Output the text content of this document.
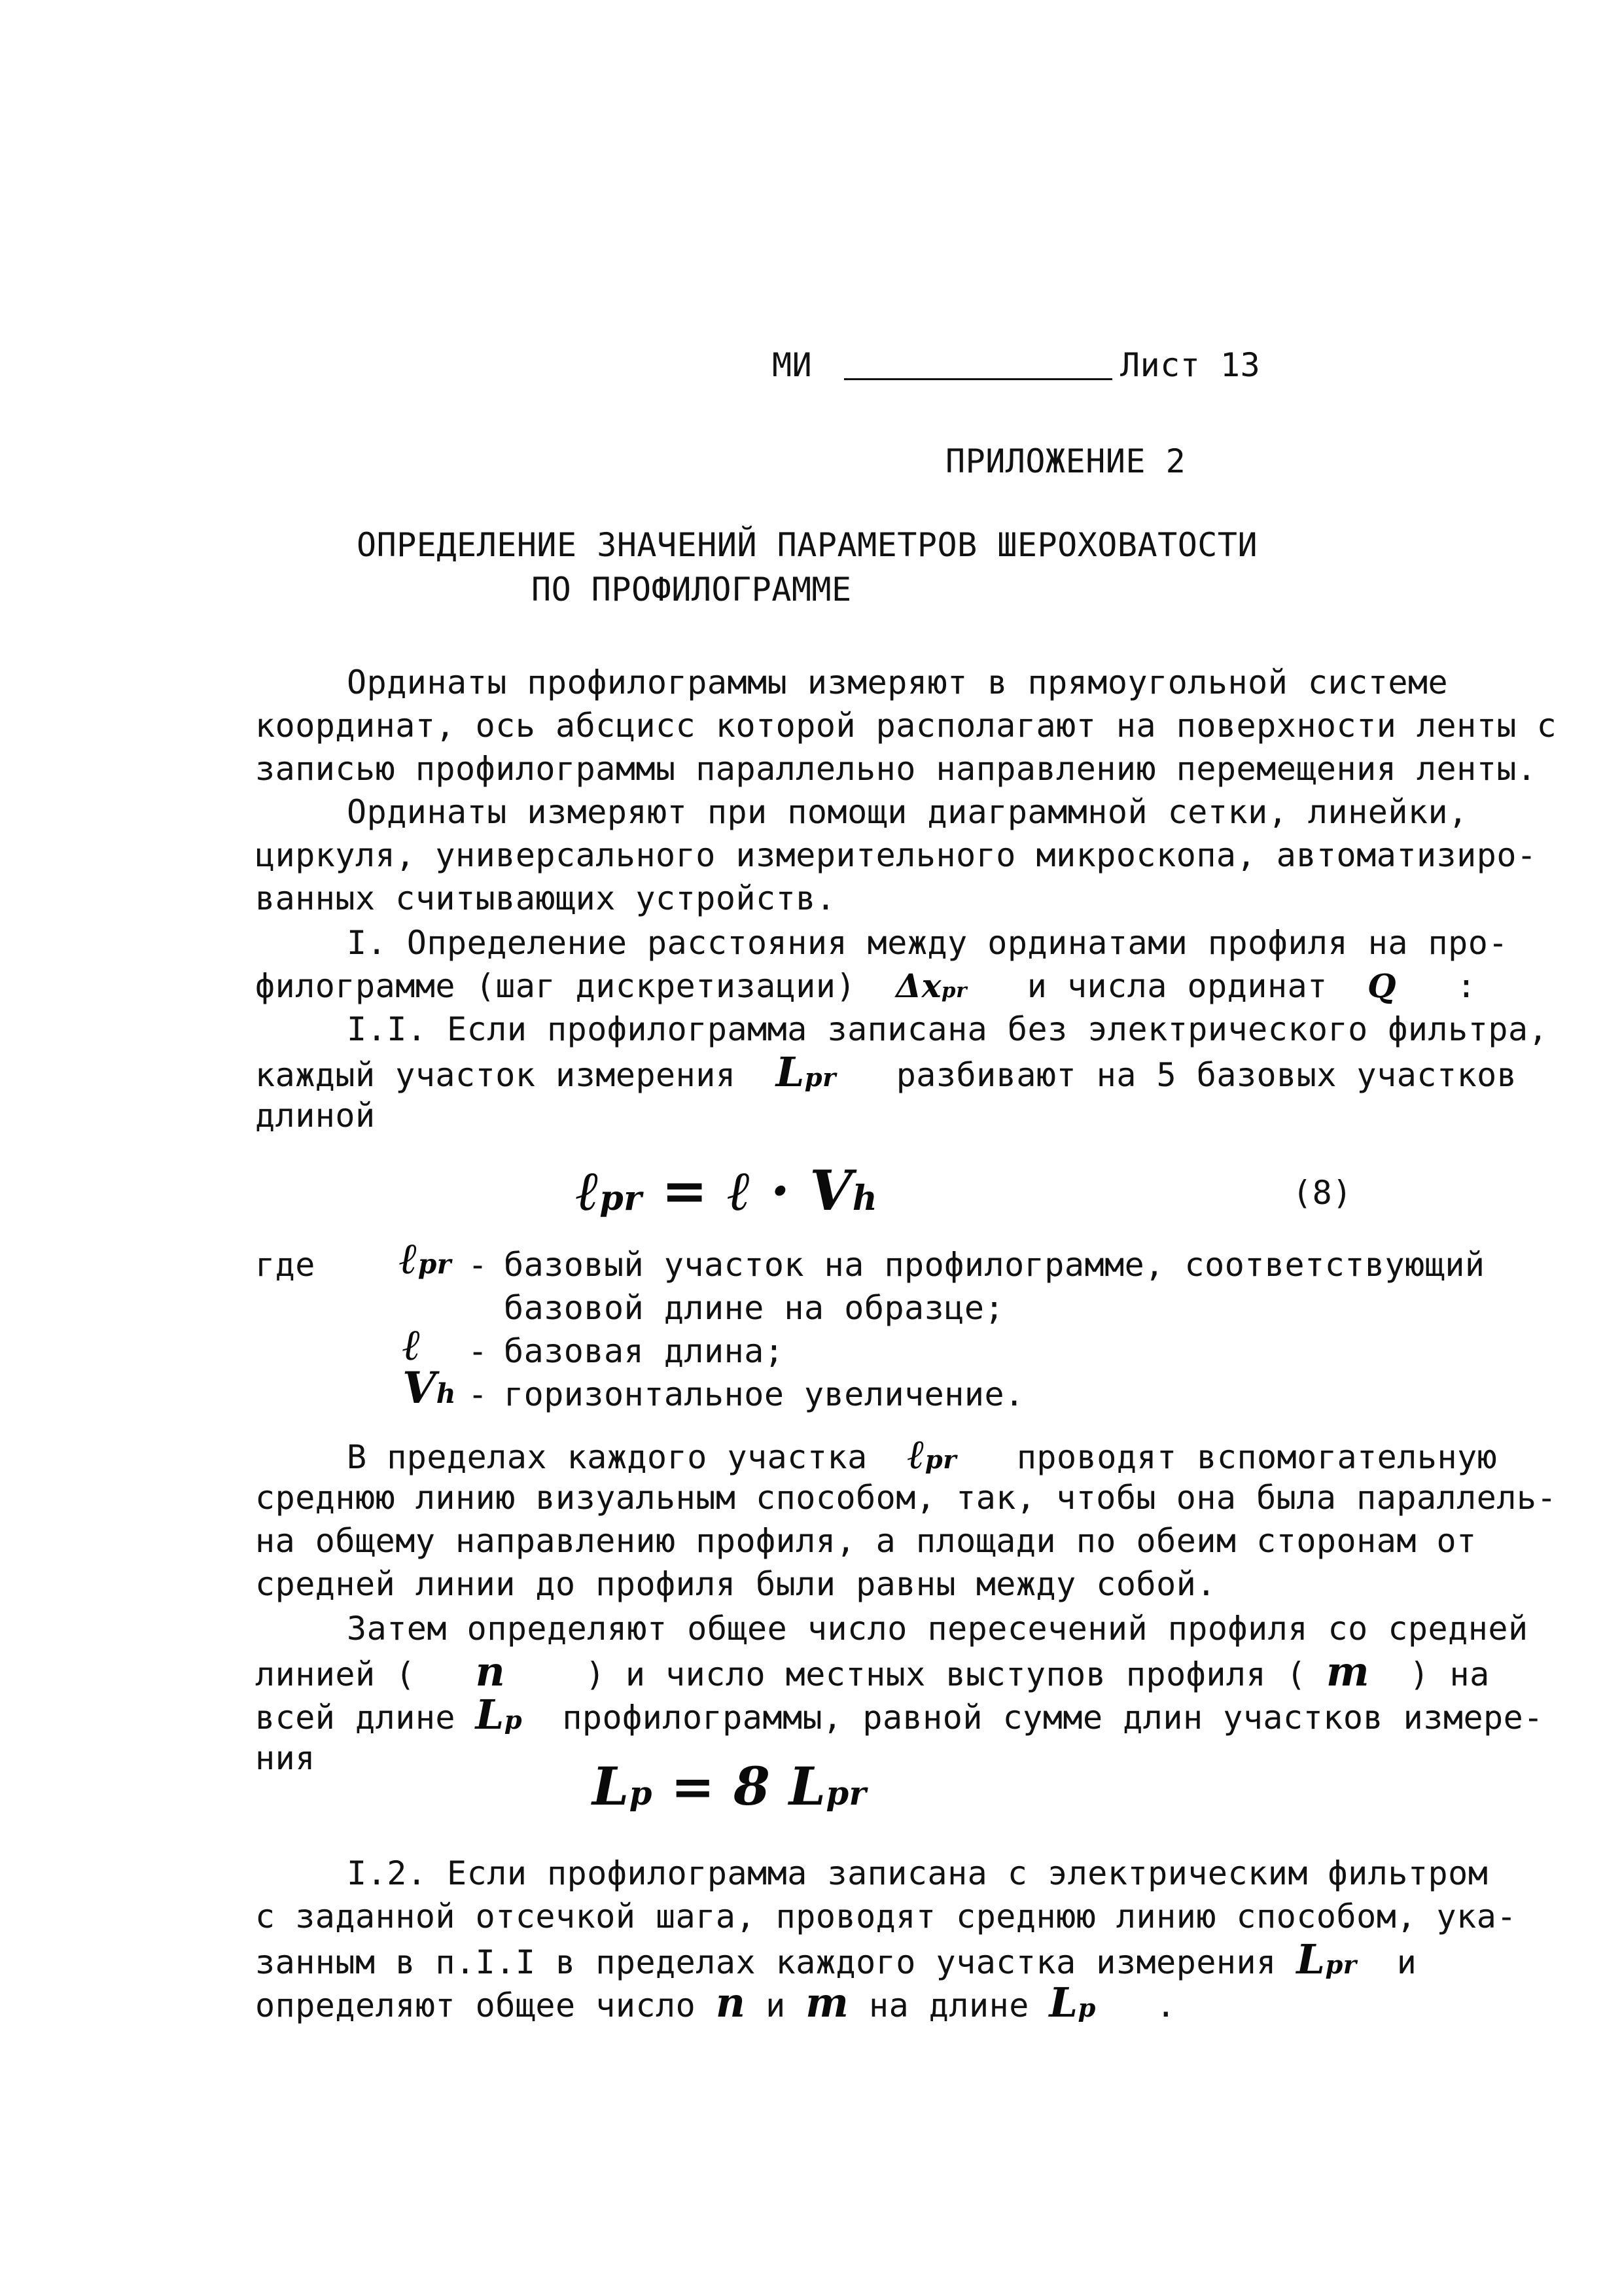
МИ	Лист 13
ПРИЛОЖЕНИЕ 2
ОПРЕДЕЛЕНИЕ ЗНАЧЕНИЙ ПАРАМЕТРОВ ШЕРОХОВАТОСТИ
ПО ПРОФИЛОГРАММЕ
Ординаты профилограммы измеряют в прямоугольной системе
координат, ось абсцисс которой располагают на поверхности ленты с
записью профилограммы параллельно направлению перемещения ленты.
Ординаты измеряют при помощи диаграммной сетки, линейки,
циркуля, универсального измерительного микроскопа, автоматизиро-
ванных считывающих устройств.
I. Определение расстояния между ординатами профиля на про-
филограмме (шаг дискретизации) Δxpr и числа ординат Q :
I.I. Если профилограмма записана без электрического фильтра,
каждый участок измерения Lpr разбивают на 5 базовых участков
длиной
ℓpr = ℓ · Vh	(8)
где ℓpr - базовый участок на профилограмме, соответствующий
базовой длине на образце;
ℓ - базовая длина;
Vh - горизонтальное увеличение.
В пределах каждого участка ℓpr проводят вспомогательную
среднюю линию визуальным способом, так, чтобы она была параллель-
на общему направлению профиля, а площади по обеим сторонам от
средней линии до профиля были равны между собой.
Затем определяют общее число пересечений профиля со средней
линией ( n ) и число местных выступов профиля ( m ) на
всей длине Lp профилограммы, равной сумме длин участков измере-
ния	Lp = 8 Lpr
I.2. Если профилограмма записана с электрическим фильтром
с заданной отсечкой шага, проводят среднюю линию способом, ука-
занным в п.I.I в пределах каждого участка измерения Lpr и
определяют общее число n и m на длине Lp .
